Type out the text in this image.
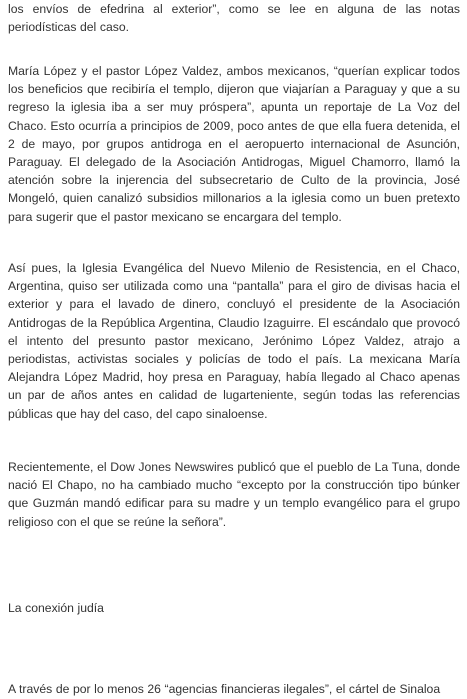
los envíos de efedrina al exterior”, como se lee en alguna de las notas periodísticas del caso.

María López y el pastor López Valdez, ambos mexicanos, “querían explicar todos los beneficios que recibiría el templo, dijeron que viajarían a Paraguay y que a su regreso la iglesia iba a ser muy próspera”, apunta un reportaje de La Voz del Chaco. Esto ocurría a principios de 2009, poco antes de que ella fuera detenida, el 2 de mayo, por grupos antidroga en el aeropuerto internacional de Asunción, Paraguay. El delegado de la Asociación Antidrogas, Miguel Chamorro, llamó la atención sobre la injerencia del subsecretario de Culto de la provincia, José Mongeló, quien canalizó subsidios millonarios a la iglesia como un buen pretexto para sugerir que el pastor mexicano se encargara del templo.

Así pues, la Iglesia Evangélica del Nuevo Milenio de Resistencia, en el Chaco, Argentina, quiso ser utilizada como una “pantalla” para el giro de divisas hacia el exterior y para el lavado de dinero, concluyó el presidente de la Asociación Antidrogas de la República Argentina, Claudio Izaguirre. El escándalo que provocó el intento del presunto pastor mexicano, Jerónimo López Valdez, atrajo a periodistas, activistas sociales y policías de todo el país. La mexicana María Alejandra López Madrid, hoy presa en Paraguay, había llegado al Chaco apenas un par de años antes en calidad de lugarteniente, según todas las referencias públicas que hay del caso, del capo sinaloense.

Recientemente, el Dow Jones Newswires publicó que el pueblo de La Tuna, donde nació El Chapo, no ha cambiado mucho “excepto por la construcción tipo búnker que Guzmán mandó edificar para su madre y un templo evangélico para el grupo religioso con el que se reúne la señora”.

La conexión judía

A través de por lo menos 26 “agencias financieras ilegales”, el cártel de Sinaloa
